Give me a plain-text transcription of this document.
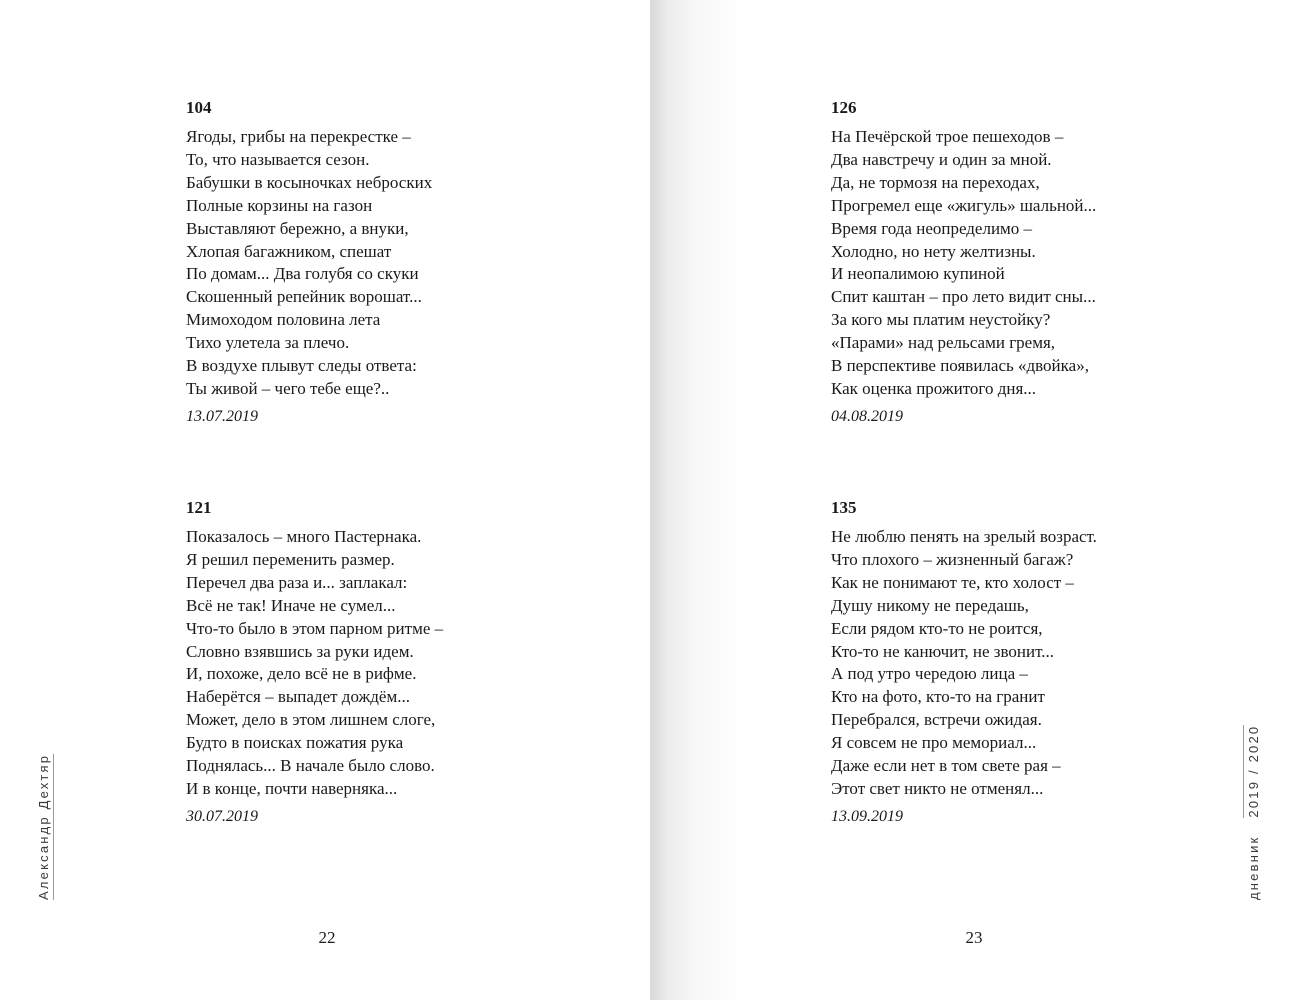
104
Ягоды, грибы на перекрестке –
То, что называется сезон.
Бабушки в косыночках неброских
Полные корзины на газон
Выставляют бережно, а внуки,
Хлопая багажником, спешат
По домам... Два голубя со скуки
Скошенный репейник ворошат...
Мимоходом половина лета
Тихо улетела за плечо.
В воздухе плывут следы ответа:
Ты живой – чего тебе еще?..
13.07.2019
121
Показалось – много Пастернака.
Я решил переменить размер.
Перечел два раза и... заплакал:
Всё не так! Иначе не сумел...
Что-то было в этом парном ритме –
Словно взявшись за руки идем.
И, похоже, дело всё не в рифме.
Наберётся – выпадет дождём...
Может, дело в этом лишнем слоге,
Будто в поисках пожатия рука
Поднялась... В начале было слово.
И в конце, почти наверняка...
30.07.2019
Александр Дехтяр
22
126
На Печёрской трое пешеходов –
Два навстречу и один за мной.
Да, не тормозя на переходах,
Прогремел еще «жигуль» шальной...
Время года неопределимо –
Холодно, но нету желтизны.
И неопалимою купиной
Спит каштан – про лето видит сны...
За кого мы платим неустойку?
«Парами» над рельсами гремя,
В перспективе появилась «двойка»,
Как оценка прожитого дня...
04.08.2019
135
Не люблю пенять на зрелый возраст.
Что плохого – жизненный багаж?
Как не понимают те, кто холост –
Душу никому не передашь,
Если рядом кто-то не роится,
Кто-то не канючит, не звонит...
А под утро чередою лица –
Кто на фото, кто-то на гранит
Перебрался, встречи ожидая.
Я совсем не про мемориал...
Даже если нет в том свете рая –
Этот свет никто не отменял...
13.09.2019
23
дневник2019 / 2020
